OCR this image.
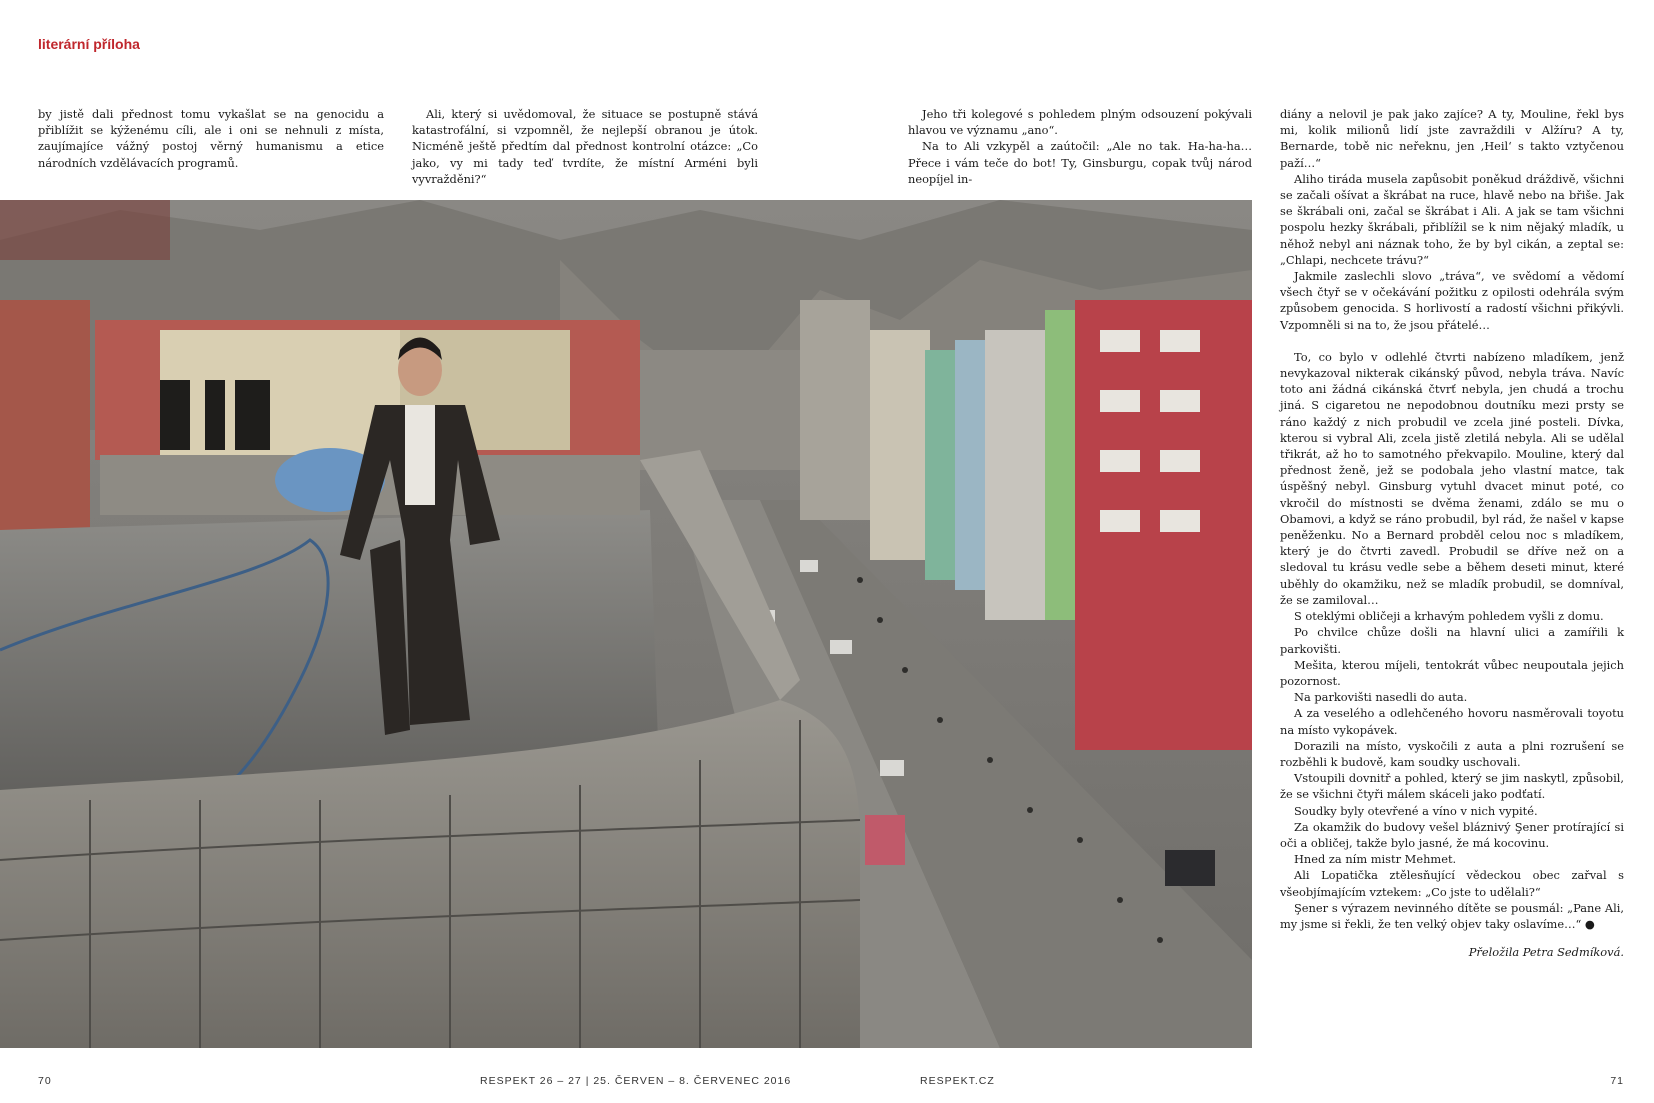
literární příloha

by jistě dali přednost tomu vykašlat se na genocidu a přiblížit se kýženému cíli, ale i oni se nehnuli z místa, zaujímajíce vážný postoj věrný humanismu a etice národních vzdělávacích programů.

Ali, který si uvědomoval, že situace se postupně stává katastrofální, si vzpomněl, že nejlepší obranou je útok. Nicméně ještě předtím dal přednost kontrolní otázce: „Co jako, vy mi tady teď tvrdíte, že místní Arméni byli vyvražděni?“

Jeho tři kolegové s pohledem plným odsouzení pokývali hlavou ve významu „ano“.

Na to Ali vzkypěl a zaútočil: „Ale no tak. Ha-ha-ha… Přece i vám teče do bot! Ty, Ginsburgu, copak tvůj národ neopíjel in-

diány a nelovil je pak jako zajíce? A ty, Mouline, řekl bys mi, kolik milionů lidí jste zavraždili v Alžíru? A ty, Bernarde, tobě nic neřeknu, jen ‚Heil‘ s takto vztyčenou paží…“

Aliho tiráda musela zapůsobit poněkud dráždivě, všichni se začali ošívat a škrábat na ruce, hlavě nebo na břiše. Jak se škrábali oni, začal se škrábat i Ali. A jak se tam všichni pospolu hezky škrábali, přiblížil se k nim nějaký mladík, u něhož nebyl ani náznak toho, že by byl cikán, a zeptal se: „Chlapi, nechcete trávu?“

Jakmile zaslechli slovo „tráva“, ve svědomí a vědomí všech čtyř se v očekávání požitku z opilosti odehrála svým způsobem genocida. S horlivostí a radostí všichni přikývli. Vzpomněli si na to, že jsou přátelé…

To, co bylo v odlehlé čtvrti nabízeno mladíkem, jenž nevykazoval nikterak cikánský původ, nebyla tráva. Navíc toto ani žádná cikánská čtvrť nebyla, jen chudá a trochu jiná. S cigaretou ne nepodobnou doutníku mezi prsty se ráno každý z nich probudil ve zcela jiné posteli. Dívka, kterou si vybral Ali, zcela jistě zletilá nebyla. Ali se udělal třikrát, až ho to samotného překvapilo. Mouline, který dal přednost ženě, jež se podobala jeho vlastní matce, tak úspěšný nebyl. Ginsburg vytuhl dvacet minut poté, co vkročil do místnosti se dvěma ženami, zdálo se mu o Obamovi, a když se ráno probudil, byl rád, že našel v kapse peněženku. No a Bernard probděl celou noc s mladíkem, který je do čtvrti zavedl. Probudil se dříve než on a sledoval tu krásu vedle sebe a během deseti minut, které uběhly do okamžiku, než se mladík probudil, se domníval, že se zamiloval…

S oteklými obličeji a krhavým pohledem vyšli z domu.

Po chvilce chůze došli na hlavní ulici a zamířili k parkovišti.

Mešita, kterou míjeli, tentokrát vůbec neupoutala jejich pozornost.

Na parkovišti nasedli do auta.

A za veselého a odlehčeného hovoru nasměrovali toyotu na místo vykopávek.

Dorazili na místo, vyskočili z auta a plni rozrušení se rozběhli k budově, kam soudky uschovali.

Vstoupili dovnitř a pohled, který se jim naskytl, způsobil, že se všichni čtyři málem skáceli jako podťatí.

Soudky byly otevřené a víno v nich vypité.

Za okamžik do budovy vešel bláznivý Şener protírající si oči a obličej, takže bylo jasné, že má kocovinu.

Hned za ním mistr Mehmet.

Ali Lopatička ztělesňující vědeckou obec zařval s všeobjímajícím vztekem: „Co jste to udělali?“

Şener s výrazem nevinného dítěte se pousmál: „Pane Ali, my jsme si řekli, že ten velký objev taky oslavíme…“ ●

Přeložila Petra Sedmíková.

70	RESPEKT 26 – 27 | 25. ČERVEN – 8. ČERVENEC 2016	RESPEKT.CZ	71
